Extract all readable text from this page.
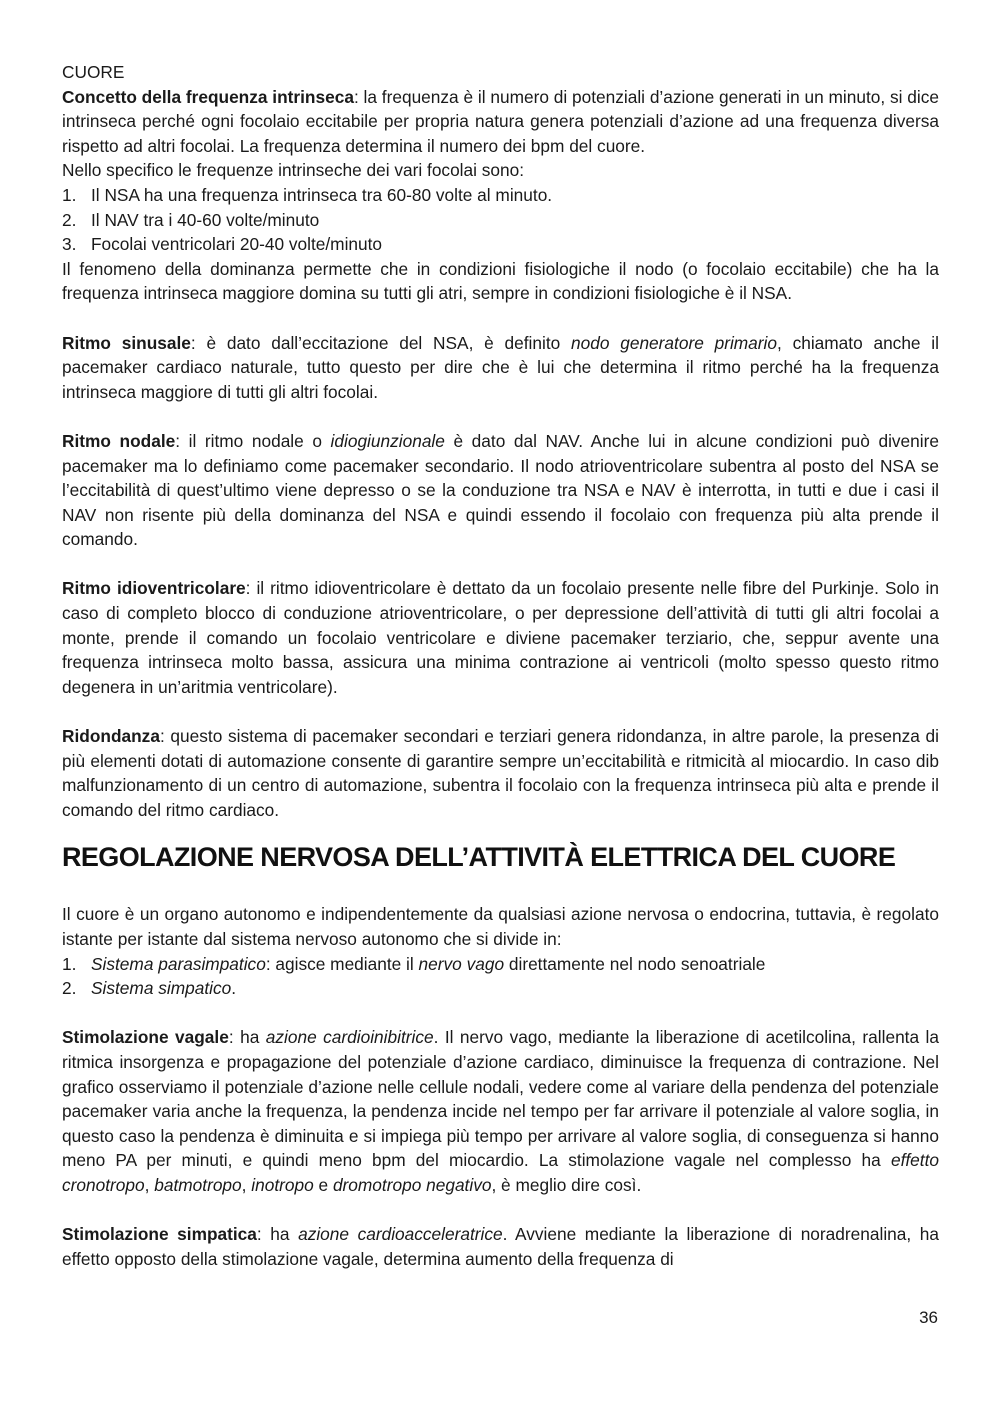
CUORE

Concetto della frequenza intrinseca: la frequenza è il numero di potenziali d’azione generati in un minuto, si dice intrinseca perché ogni focolaio eccitabile per propria natura genera potenziali d’azione ad una frequenza diversa rispetto ad altri focolai. La frequenza determina il numero dei bpm del cuore.

Nello specifico le frequenze intrinseche dei vari focolai sono:

1. Il NSA ha una frequenza intrinseca tra 60-80 volte al minuto.
2. Il NAV tra i 40-60 volte/minuto
3. Focolai ventricolari 20-40 volte/minuto

Il fenomeno della dominanza permette che in condizioni fisiologiche il nodo (o focolaio eccitabile) che ha la frequenza intrinseca maggiore domina su tutti gli atri, sempre in condizioni fisiologiche è il NSA.

Ritmo sinusale: è dato dall’eccitazione del NSA, è definito nodo generatore primario, chiamato anche il pacemaker cardiaco naturale, tutto questo per dire che è lui che determina il ritmo perché ha la frequenza intrinseca maggiore di tutti gli altri focolai.

Ritmo nodale: il ritmo nodale o idiogiunzionale è dato dal NAV. Anche lui in alcune condizioni può divenire pacemaker ma lo definiamo come pacemaker secondario. Il nodo atrioventricolare subentra al posto del NSA se l’eccitabilità di quest’ultimo viene depresso o se la conduzione tra NSA e NAV è interrotta, in tutti e due i casi il NAV non risente più della dominanza del NSA e quindi essendo il focolaio con frequenza più alta prende il comando.

Ritmo idioventricolare: il ritmo idioventricolare è dettato da un focolaio presente nelle fibre del Purkinje. Solo in caso di completo blocco di conduzione atrioventricolare, o per depressione dell’attività di tutti gli altri focolai a monte, prende il comando un focolaio ventricolare e diviene pacemaker terziario, che, seppur avente una frequenza intrinseca molto bassa, assicura una minima contrazione ai ventricoli (molto spesso questo ritmo degenera in un’aritmia ventricolare).

Ridondanza: questo sistema di pacemaker secondari e terziari genera ridondanza, in altre parole, la presenza di più elementi dotati di automazione consente di garantire sempre un’eccitabilità e ritmicità al miocardio. In caso dib malfunzionamento di un centro di automazione, subentra il focolaio con la frequenza intrinseca più alta e prende il comando del ritmo cardiaco.

REGOLAZIONE NERVOSA DELL’ATTIVITÀ ELETTRICA DEL CUORE

Il cuore è un organo autonomo e indipendentemente da qualsiasi azione nervosa o endocrina, tuttavia, è regolato istante per istante dal sistema nervoso autonomo che si divide in:

1. Sistema parasimpatico: agisce mediante il nervo vago direttamente nel nodo senoatriale
2. Sistema simpatico.

Stimolazione vagale: ha azione cardioinibitrice. Il nervo vago, mediante la liberazione di acetilcolina, rallenta la ritmica insorgenza e propagazione del potenziale d’azione cardiaco, diminuisce la frequenza di contrazione. Nel grafico osserviamo il potenziale d’azione nelle cellule nodali, vedere come al variare della pendenza del potenziale pacemaker varia anche la frequenza, la pendenza incide nel tempo per far arrivare il potenziale al valore soglia, in questo caso la pendenza è diminuita e si impiega più tempo per arrivare al valore soglia, di conseguenza si hanno meno PA per minuti, e quindi meno bpm del miocardio. La stimolazione vagale nel complesso ha effetto cronotropo, batmotropo, inotropo e dromotropo negativo, è meglio dire così.

Stimolazione simpatica: ha azione cardioacceleratrice. Avviene mediante la liberazione di noradrenalina, ha effetto opposto della stimolazione vagale, determina aumento della frequenza di

36
